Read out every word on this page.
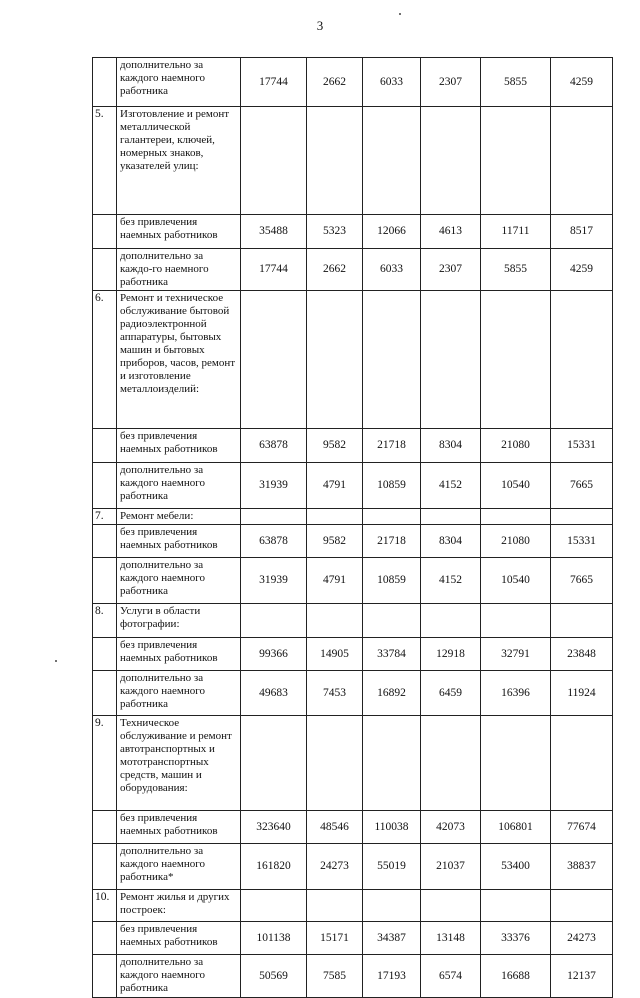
3
	дополнительно за каждого наемного работника	17744	2662	6033	2307	5855	4259
5.	Изготовление и ремонт металлической галантереи, ключей, номерных знаков, указателей улиц:						
	без привлечения наемных работников	35488	5323	12066	4613	11711	8517
	дополнительно за каждо-го наемного работника	17744	2662	6033	2307	5855	4259
6.	Ремонт и техническое обслуживание бытовой радиоэлектронной аппаратуры, бытовых машин и бытовых приборов, часов, ремонт и изготовление металлоизделий:						
	без привлечения наемных работников	63878	9582	21718	8304	21080	15331
	дополнительно за каждого наемного работника	31939	4791	10859	4152	10540	7665
7.	Ремонт мебели:						
	без привлечения наемных работников	63878	9582	21718	8304	21080	15331
	дополнительно за каждого наемного работника	31939	4791	10859	4152	10540	7665
8.	Услуги в области фотографии:						
	без привлечения наемных работников	99366	14905	33784	12918	32791	23848
	дополнительно за каждого наемного работника	49683	7453	16892	6459	16396	11924
9.	Техническое обслуживание и ремонт автотранспортных и мототранспортных средств, машин и оборудования:						
	без привлечения наемных работников	323640	48546	110038	42073	106801	77674
	дополнительно за каждого наемного работника*	161820	24273	55019	21037	53400	38837
10.	Ремонт жилья и других построек:						
	без привлечения наемных работников	101138	15171	34387	13148	33376	24273
	дополнительно за каждого наемного работника	50569	7585	17193	6574	16688	12137
